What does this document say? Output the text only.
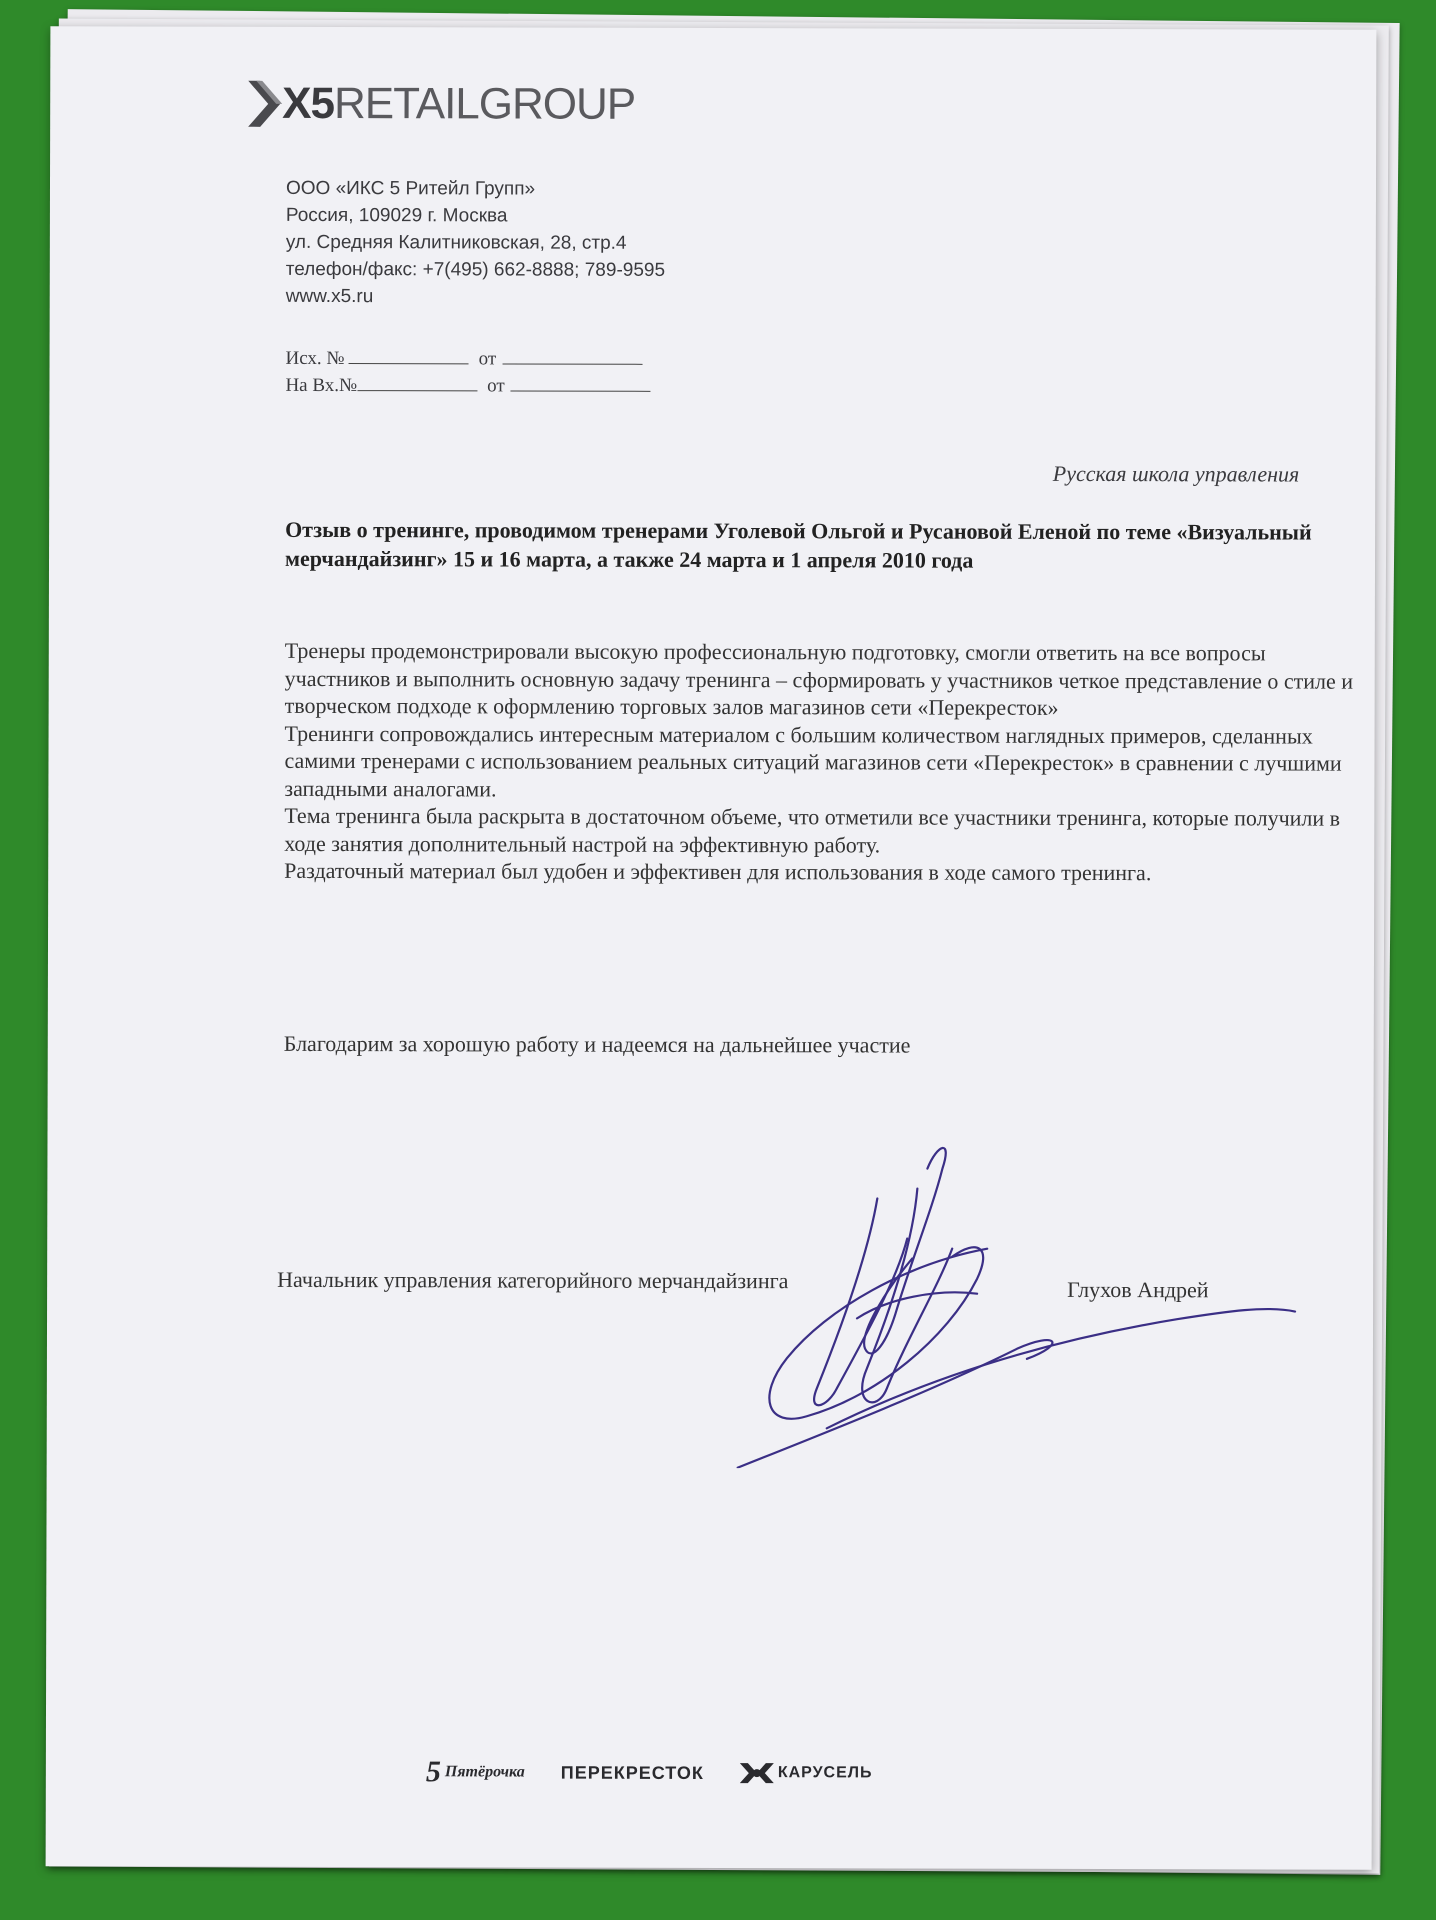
X5RETAILGROUP
ООО «ИКС 5 Ритейл Групп»
Россия, 109029 г. Москва
ул. Средняя Калитниковская, 28, стр.4
телефон/факс: +7(495) 662-8888; 789-9595
www.x5.ru
Исх. №	от
На Вх.№	от
Русская школа управления
Отзыв о тренинге, проводимом тренерами Уголевой Ольгой и Русановой Еленой по теме «Визуальный мерчандайзинг» 15 и 16 марта, а также 24 марта и 1 апреля 2010 года

Тренеры продемонстрировали высокую профессиональную подготовку, смогли ответить на все вопросы участников и выполнить основную задачу тренинга – сформировать у участников четкое представление о стиле и творческом подходе к оформлению торговых залов магазинов сети «Перекресток»

Тренинги сопровождались интересным материалом с большим количеством наглядных примеров, сделанных самими тренерами с использованием реальных ситуаций магазинов сети «Перекресток» в сравнении с лучшими западными аналогами.

Тема тренинга была раскрыта в достаточном объеме, что отметили все участники тренинга, которые получили в ходе занятия дополнительный настрой на эффективную работу.

Раздаточный материал был удобен и эффективен для использования в ходе самого тренинга.

Благодарим за хорошую работу и надеемся на дальнейшее участие
Начальник управления категорийного мерчандайзинга	Глухов Андрей
5 Пятёрочка ПЕРЕКРЕСТОК	КАРУСЕЛЬ
